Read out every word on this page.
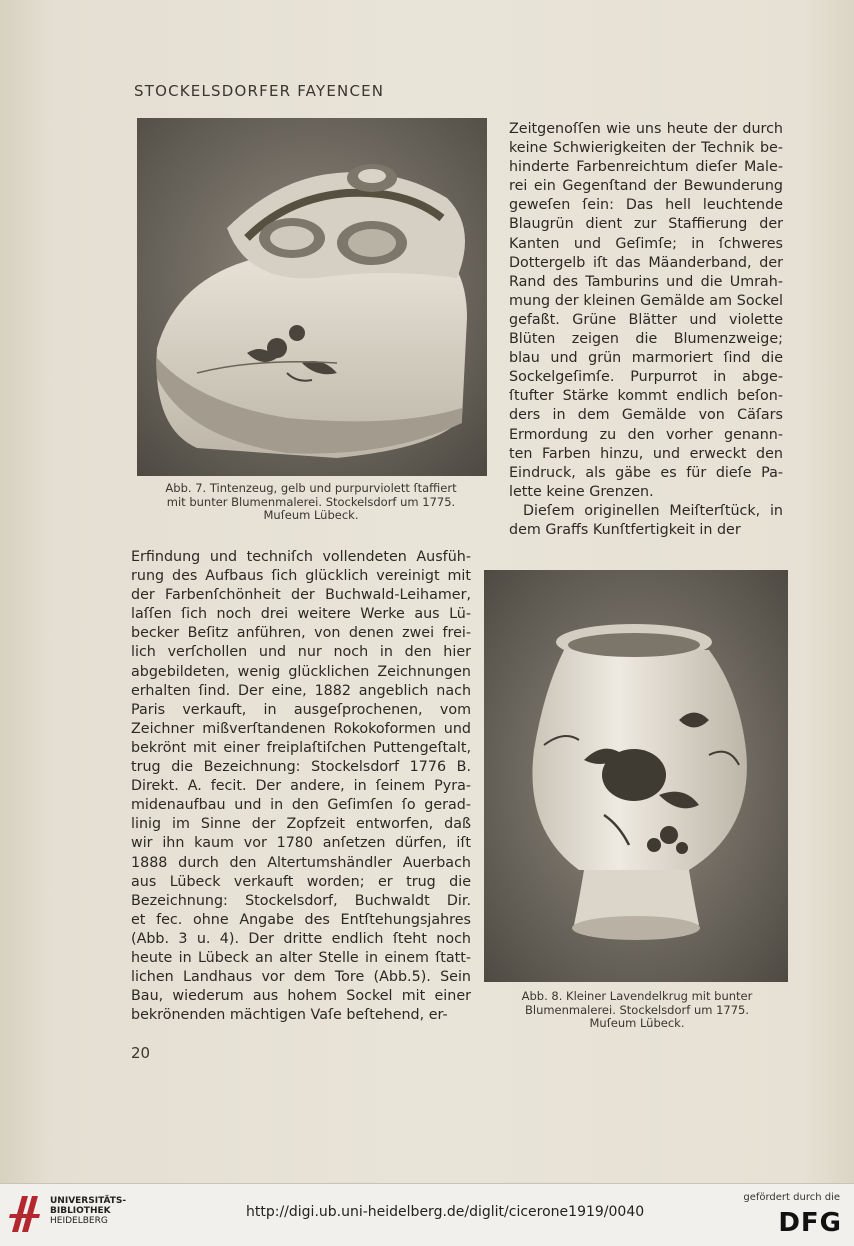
STOCKELSDORFER FAYENCEN
Abb. 7. Tintenzeug, gelb und purpurviolett ſtaffiert
mit bunter Blumenmalerei. Stockelsdorf um 1775.
Muſeum Lübeck.
Zeitgenoſſen wie uns heute der durch
keine Schwierigkeiten der Technik be-
hinderte Farbenreichtum dieſer Male-
rei ein Gegenſtand der Bewunderung
geweſen ſein: Das hell leuchtende
Blaugrün dient zur Staffierung der
Kanten und Geſimſe; in ſchweres
Dottergelb iſt das Mäanderband, der
Rand des Tamburins und die Umrah-
mung der kleinen Gemälde am Sockel
gefaßt. Grüne Blätter und violette
Blüten zeigen die Blumenzweige;
blau und grün marmoriert ſind die
Sockelgeſimſe. Purpurrot in abge-
ſtufter Stärke kommt endlich beſon-
ders in dem Gemälde von Cäſars
Ermordung zu den vorher genann-
ten Farben hinzu, und erweckt den
Eindruck, als gäbe es für dieſe Pa-
lette keine Grenzen.
Dieſem originellen Meiſterſtück, in
dem Graffs Kunſtfertigkeit in der
Abb. 8. Kleiner Lavendelkrug mit bunter
Blumenmalerei. Stockelsdorf um 1775.
Muſeum Lübeck.
Erfindung und techniſch vollendeten Ausfüh-
rung des Aufbaus ſich glücklich vereinigt mit
der Farbenſchönheit der Buchwald-Leihamer,
laſſen ſich noch drei weitere Werke aus Lü-
becker Beſitz anführen, von denen zwei frei-
lich verſchollen und nur noch in den hier
abgebildeten, wenig glücklichen Zeichnungen
erhalten ſind. Der eine, 1882 angeblich nach
Paris verkauft, in ausgeſprochenen, vom
Zeichner mißverſtandenen Rokokoformen und
bekrönt mit einer freiplaſtiſchen Puttengeſtalt,
trug die Bezeichnung: Stockelsdorf 1776 B.
Direkt. A. fecit. Der andere, in ſeinem Pyra-
midenaufbau und in den Geſimſen ſo gerad-
linig im Sinne der Zopfzeit entworfen, daß
wir ihn kaum vor 1780 anſetzen dürfen, iſt
1888 durch den Altertumshändler Auerbach
aus Lübeck verkauft worden; er trug die
Bezeichnung: Stockelsdorf, Buchwaldt Dir.
et fec. ohne Angabe des Entſtehungsjahres
(Abb. 3 u. 4). Der dritte endlich ſteht noch
heute in Lübeck an alter Stelle in einem ſtatt-
lichen Landhaus vor dem Tore (Abb.5). Sein
Bau, wiederum aus hohem Sockel mit einer
bekrönenden mächtigen Vaſe beſtehend, er-
20
UNIVERSITÄTS-
BIBLIOTHEK
HEIDELBERG
http://digi.ub.uni-heidelberg.de/diglit/cicerone1919/0040
gefördert durch die
DFG
